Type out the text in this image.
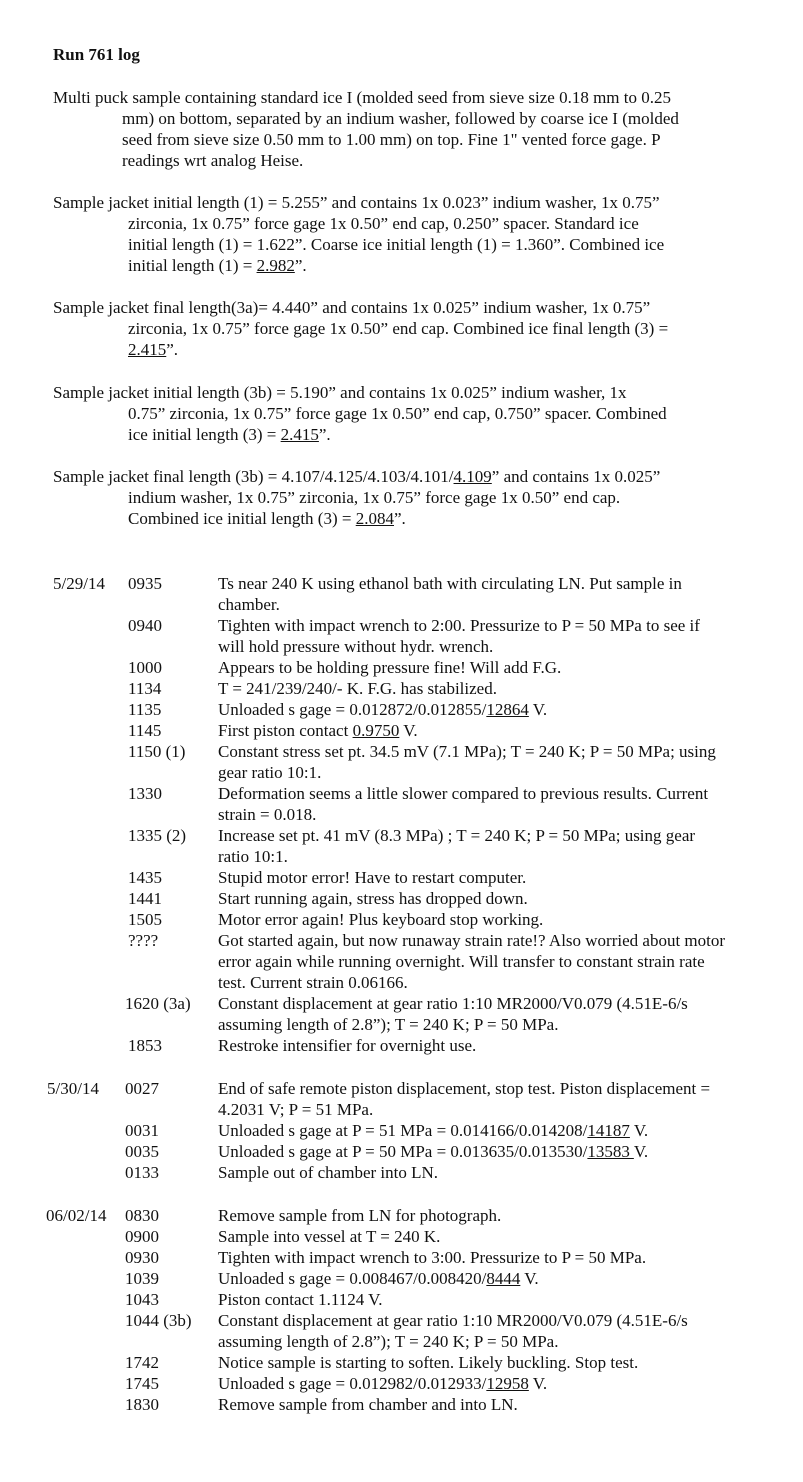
Run 761 log
Multi puck sample containing standard ice I (molded seed from sieve size 0.18 mm to 0.25
mm) on bottom, separated by an indium washer, followed by coarse ice I (molded
seed from sieve size 0.50 mm to 1.00 mm) on top. Fine 1" vented force gage. P
readings wrt analog Heise.
Sample jacket initial length (1) = 5.255” and contains 1x 0.023” indium washer, 1x 0.75”
zirconia, 1x 0.75” force gage 1x 0.50” end cap, 0.250” spacer. Standard ice
initial length (1) = 1.622”. Coarse ice initial length (1) = 1.360”. Combined ice
initial length (1) = 2.982”.
Sample jacket final length(3a)= 4.440” and contains 1x 0.025” indium washer, 1x 0.75”
zirconia, 1x 0.75” force gage 1x 0.50” end cap. Combined ice final length (3) =
2.415”.
Sample jacket initial length (3b) = 5.190” and contains 1x 0.025” indium washer, 1x
0.75” zirconia, 1x 0.75” force gage 1x 0.50” end cap, 0.750” spacer. Combined
ice initial length (3) = 2.415”.
Sample jacket final length (3b) = 4.107/4.125/4.103/4.101/4.109” and contains 1x 0.025”
indium washer, 1x 0.75” zirconia, 1x 0.75” force gage 1x 0.50” end cap.
Combined ice initial length (3) = 2.084”.
5/29/14	0935	Ts near 240 K using ethanol bath with circulating LN. Put sample in chamber.
0940	Tighten with impact wrench to 2:00. Pressurize to P = 50 MPa to see if will hold pressure without hydr. wrench.
1000	Appears to be holding pressure fine! Will add F.G.
1134	T = 241/239/240/- K. F.G. has stabilized.
1135	Unloaded s gage = 0.012872/0.012855/12864 V.
1145	First piston contact 0.9750 V.
1150 (1)	Constant stress set pt. 34.5 mV (7.1 MPa); T = 240 K; P = 50 MPa; using gear ratio 10:1.
1330	Deformation seems a little slower compared to previous results. Current strain = 0.018.
1335 (2)	Increase set pt. 41 mV (8.3 MPa) ; T = 240 K; P = 50 MPa; using gear ratio 10:1.
1435	Stupid motor error! Have to restart computer.
1441	Start running again, stress has dropped down.
1505	Motor error again! Plus keyboard stop working.
????	Got started again, but now runaway strain rate!? Also worried about motor error again while running overnight. Will transfer to constant strain rate test. Current strain 0.06166.
1620 (3a)	Constant displacement at gear ratio 1:10 MR2000/V0.079 (4.51E-6/s assuming length of 2.8”); T = 240 K; P = 50 MPa.
1853	Restroke intensifier for overnight use.
5/30/14	0027	End of safe remote piston displacement, stop test. Piston displacement = 4.2031 V; P = 51 MPa.
0031	Unloaded s gage at P = 51 MPa = 0.014166/0.014208/14187 V.
0035	Unloaded s gage at P = 50 MPa = 0.013635/0.013530/13583 V.
0133	Sample out of chamber into LN.
06/02/14	0830	Remove sample from LN for photograph.
0900	Sample into vessel at T = 240 K.
0930	Tighten with impact wrench to 3:00. Pressurize to P = 50 MPa.
1039	Unloaded s gage = 0.008467/0.008420/8444 V.
1043	Piston contact 1.1124 V.
1044 (3b)	Constant displacement at gear ratio 1:10 MR2000/V0.079 (4.51E-6/s assuming length of 2.8”); T = 240 K; P = 50 MPa.
1742	Notice sample is starting to soften. Likely buckling. Stop test.
1745	Unloaded s gage = 0.012982/0.012933/12958 V.
1830	Remove sample from chamber and into LN.
